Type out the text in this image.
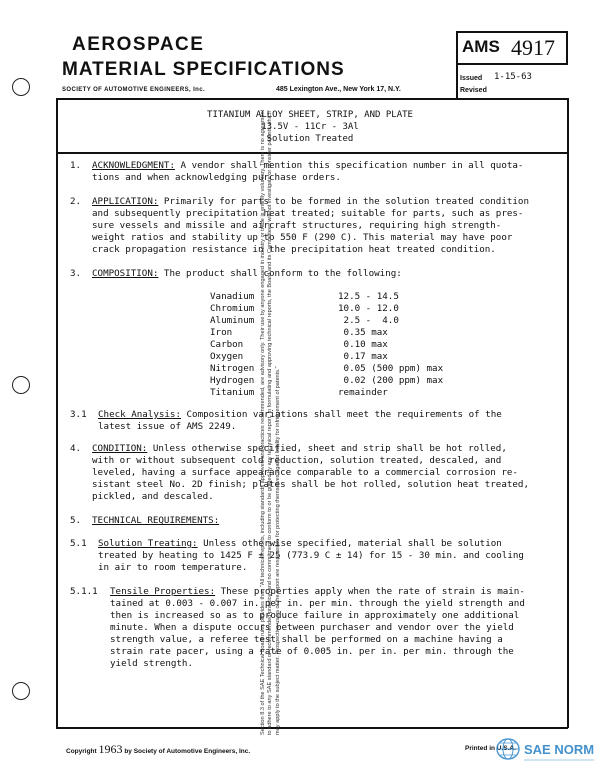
AEROSPACE
MATERIAL SPECIFICATIONS
SOCIETY OF AUTOMOTIVE ENGINEERS, Inc.	485 Lexington Ave., New York 17, N.Y.
AMS 4917
Issued 1-15-63
Revised
TITANIUM ALLOY SHEET, STRIP, AND PLATE
13.5V - 11Cr - 3Al
Solution Treated
1. ACKNOWLEDGMENT: A vendor shall mention this specification number in all quota-
tions and when acknowledging purchase orders.
2. APPLICATION: Primarily for parts to be formed in the solution treated condition
and subsequently precipitation heat treated; suitable for parts, such as pres-
sure vessels and missile and aircraft structures, requiring high strength-
weight ratios and stability up to 550 F (290 C). This material may have poor
crack propagation resistance in the precipitation heat treated condition.
3. COMPOSITION: The product shall conform to the following:
Vanadium	12.5 - 14.5
Chromium	10.0 - 12.0
Aluminum	2.5 -  4.0
Iron	0.35 max
Carbon	0.10 max
Oxygen	0.17 max
Nitrogen	0.05 (500 ppm) max
Hydrogen	0.02 (200 ppm) max
Titanium	remainder
3.1 Check Analysis: Composition variations shall meet the requirements of the
latest issue of AMS 2249.
4. CONDITION: Unless otherwise specified, sheet and strip shall be hot rolled,
with or without subsequent cold reduction, solution treated, descaled, and
leveled, having a surface appearance comparable to a commercial corrosion re-
sistant steel No. 2D finish; plates shall be hot rolled, solution heat treated,
pickled, and descaled.
5. TECHNICAL REQUIREMENTS:
5.1 Solution Treating: Unless otherwise specified, material shall be solution
treated by heating to 1425 F ± 25 (773.9 C ± 14) for 15 - 30 min. and cooling
in air to room temperature.
5.1.1 Tensile Properties: These properties apply when the rate of strain is main-
tained at 0.003 - 0.007 in. per in. per min. through the yield strength and
then is increased so as to produce failure in approximately one additional
minute. When a dispute occurs between purchaser and vendor over the yield
strength value, a referee test shall be performed on a machine having a
strain rate pacer, using a rate of 0.005 in. per in. per min. through the
yield strength.	Section 8.3 of the SAE Technical Board rules provides that: "All technical reports, including standards approved and practices recommended, are advisory only. Their use by anyone engaged in industry or trade is entirely voluntary. There is no agreement to adhere to any SAE standard or recommended practice, and no commitment to conform to or be guided by any technical report. In formulating and approving technical reports, the Board and its Committees will not investigate or consider patents which may apply to the subject matter. Prospective users of the report are responsible for protecting themselves against liability for infringement of patents."
Copyright 1963 by Society of Automotive Engineers, Inc.	Printed in U.S.A. SAE NORM
